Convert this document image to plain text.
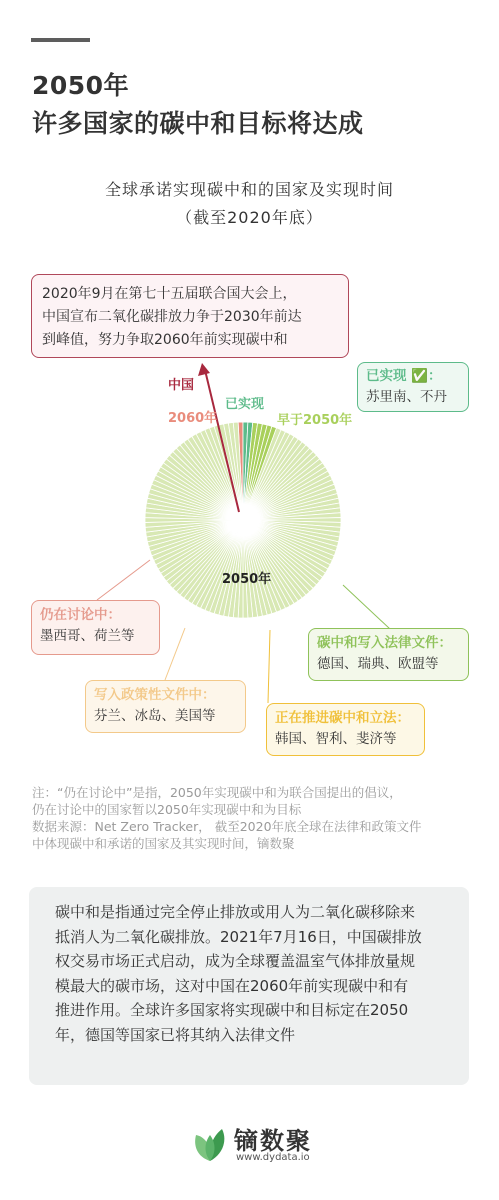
2050年
许多国家的碳中和目标将达成
全球承诺实现碳中和的国家及实现时间
（截至2020年底）
2020年9月在第七十五届联合国大会上，
中国宣布二氧化碳排放力争于2030年前达
到峰值，努力争取2060年前实现碳中和
中国
2060年
已实现
早于2050年
2050年
已实现 ✅：
苏里南、不丹
碳中和写入法律文件：
德国、瑞典、欧盟等
正在推进碳中和立法：
韩国、智利、斐济等
写入政策性文件中：
芬兰、冰岛、美国等
仍在讨论中：
墨西哥、荷兰等
注：“仍在讨论中”是指，2050年实现碳中和为联合国提出的倡议，
仍在讨论中的国家暂以2050年实现碳中和为目标
数据来源：Net Zero Tracker， 截至2020年底全球在法律和政策文件
中体现碳中和承诺的国家及其实现时间，镝数聚
碳中和是指通过完全停止排放或用人为二氧化碳移除来
抵消人为二氧化碳排放。2021年7月16日，中国碳排放
权交易市场正式启动，成为全球覆盖温室气体排放量规
模最大的碳市场，这对中国在2060年前实现碳中和有
推进作用。全球许多国家将实现碳中和目标定在2050
年，德国等国家已将其纳入法律文件
镝数聚
www.dydata.io
